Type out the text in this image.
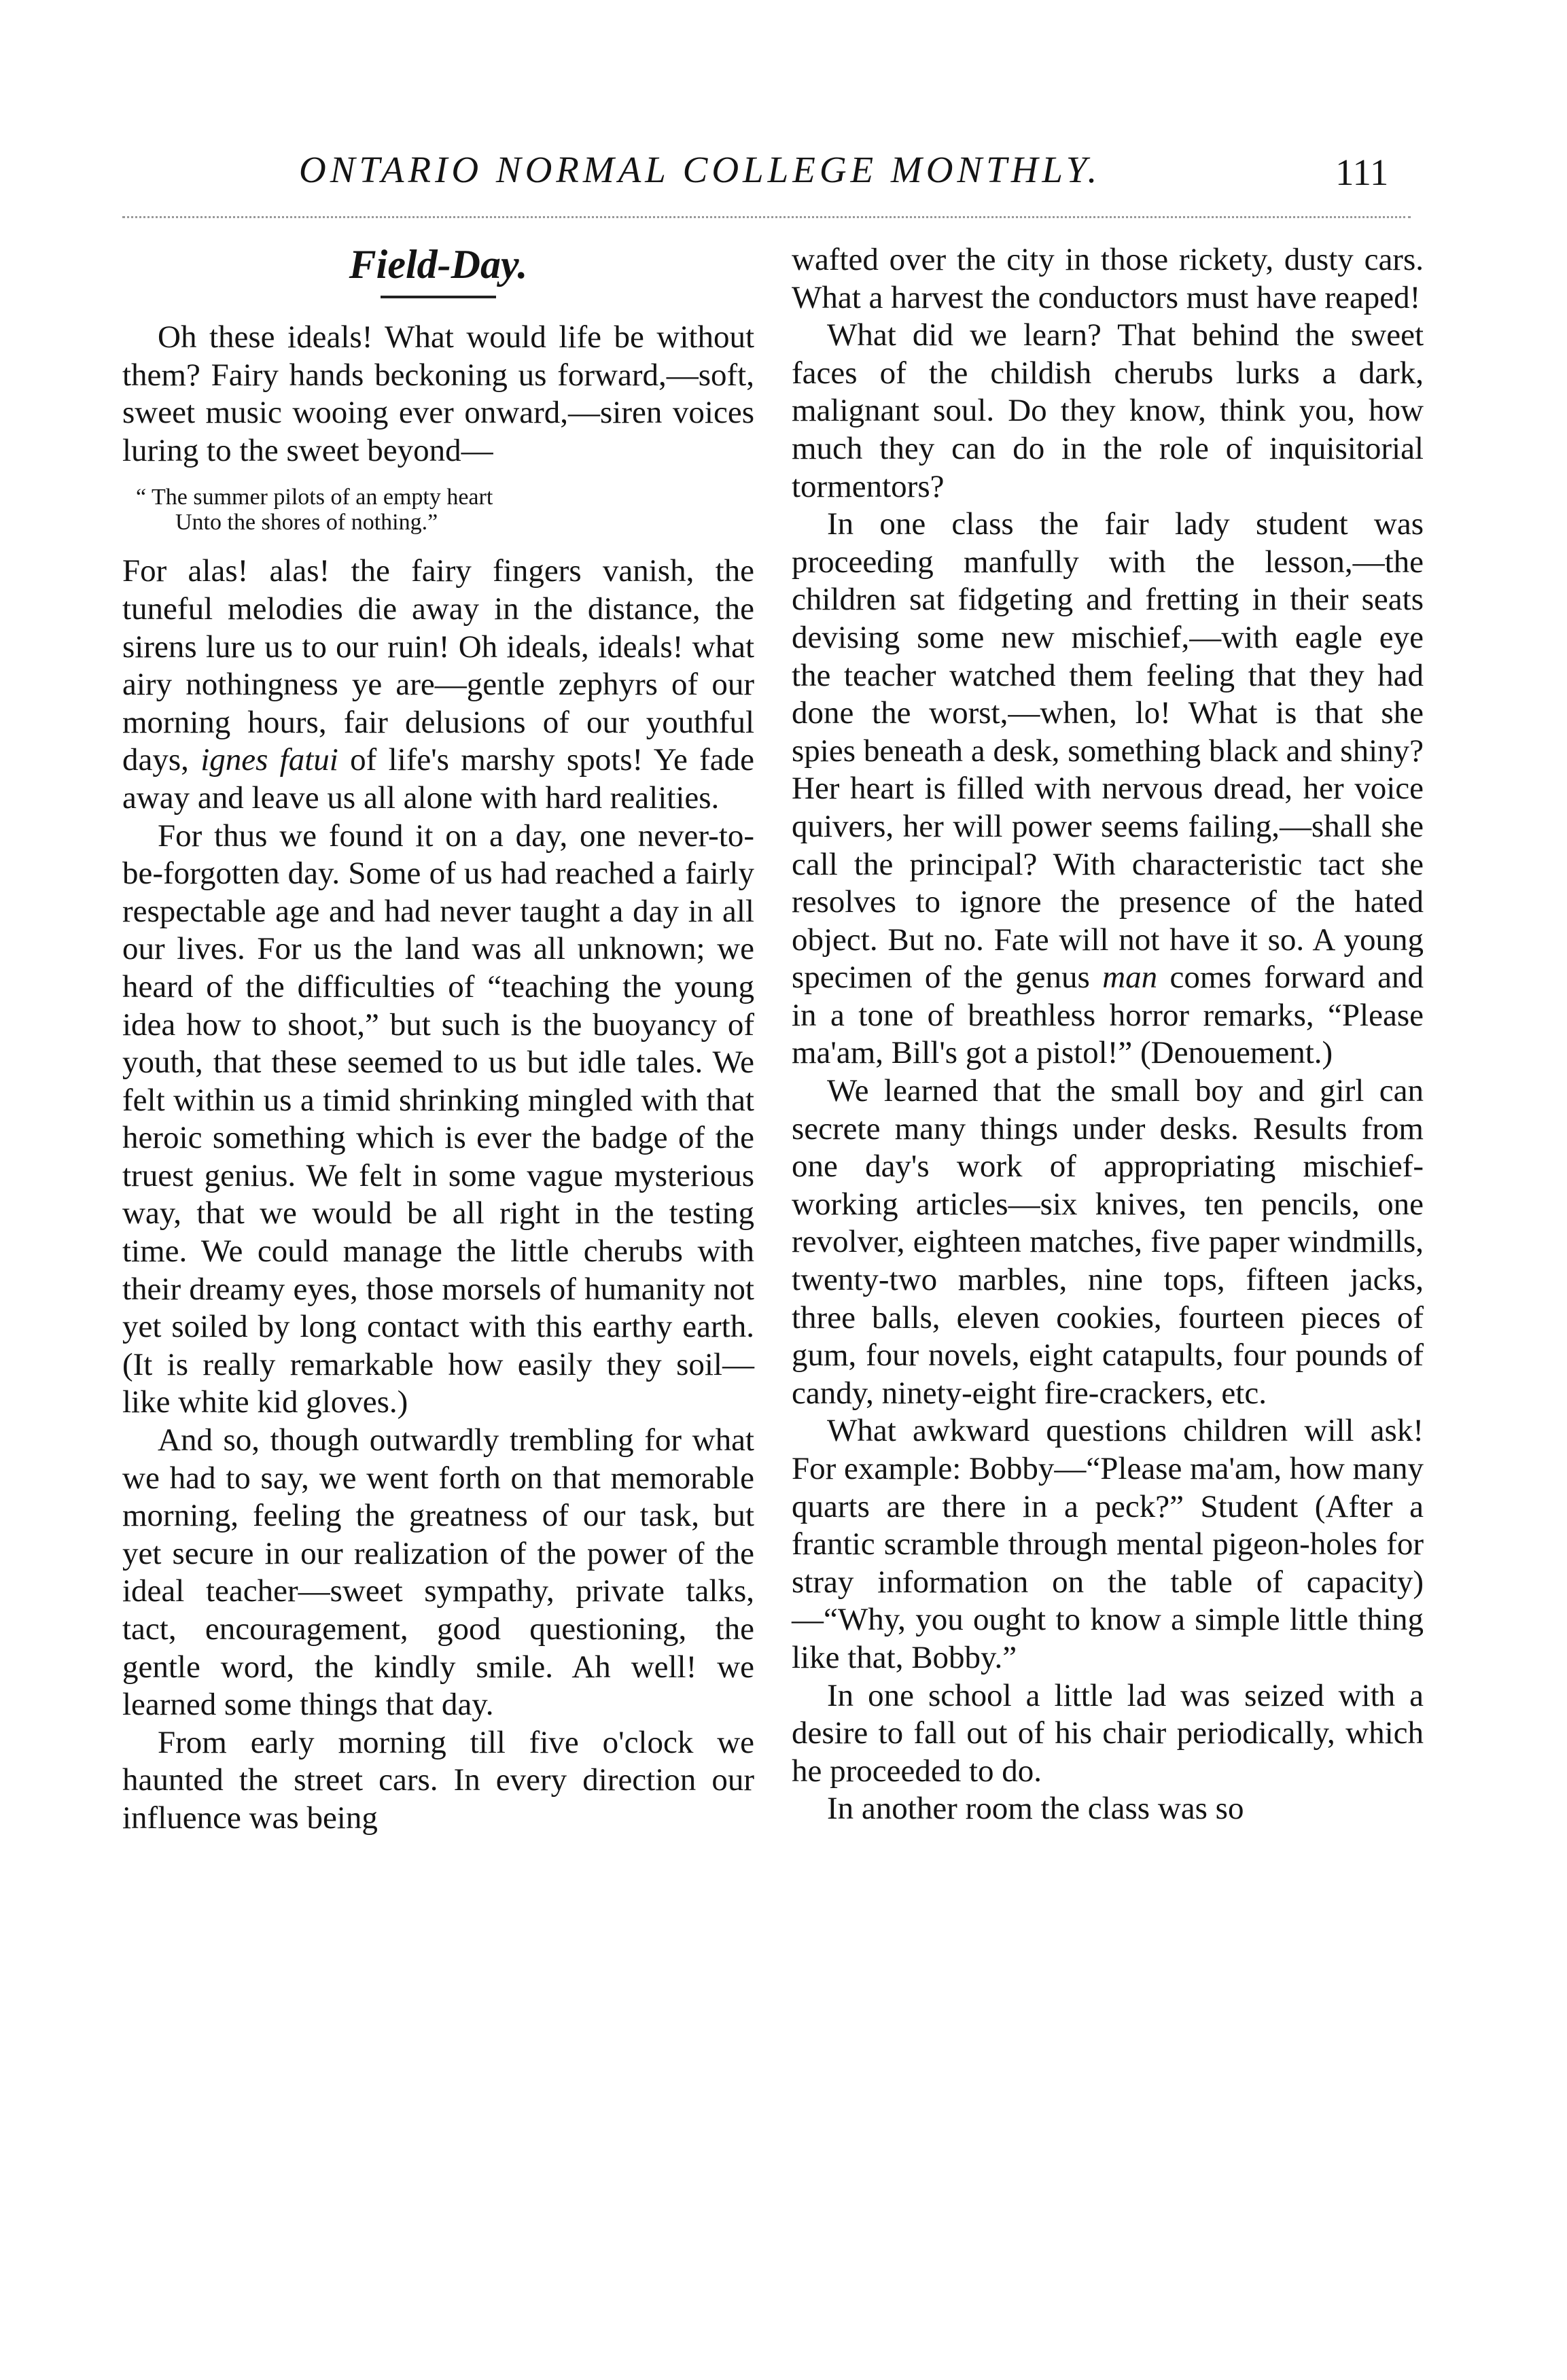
ONTARIO NORMAL COLLEGE MONTHLY.	111
Field-Day.

Oh these ideals! What would life be without them? Fairy hands beckoning us forward,—soft, sweet music wooing ever onward,—siren voices luring to the sweet beyond—

“ The summer pilots of an empty heart
Unto the shores of nothing.”

For alas! alas! the fairy fingers vanish, the tuneful melodies die away in the distance, the sirens lure us to our ruin! Oh ideals, ideals! what airy nothingness ye are—gentle zephyrs of our morning hours, fair delusions of our youthful days, ignes fatui of life's marshy spots! Ye fade away and leave us all alone with hard realities.

For thus we found it on a day, one never-to-be-forgotten day. Some of us had reached a fairly respectable age and had never taught a day in all our lives. For us the land was all unknown; we heard of the difficulties of “teaching the young idea how to shoot,” but such is the buoyancy of youth, that these seemed to us but idle tales. We felt within us a timid shrinking mingled with that heroic something which is ever the badge of the truest genius. We felt in some vague mysterious way, that we would be all right in the testing time. We could manage the little cherubs with their dreamy eyes, those morsels of humanity not yet soiled by long contact with this earthy earth. (It is really remarkable how easily they soil—like white kid gloves.)

And so, though outwardly trembling for what we had to say, we went forth on that memorable morning, feeling the greatness of our task, but yet secure in our realization of the power of the ideal teacher—sweet sympathy, private talks, tact, encouragement, good questioning, the gentle word, the kindly smile. Ah well! we learned some things that day.

From early morning till five o'clock we haunted the street cars. In every direction our influence was being

wafted over the city in those rickety, dusty cars. What a harvest the conductors must have reaped!

What did we learn? That behind the sweet faces of the childish cherubs lurks a dark, malignant soul. Do they know, think you, how much they can do in the role of inquisitorial tormentors?

In one class the fair lady student was proceeding manfully with the lesson,—the children sat fidgeting and fretting in their seats devising some new mischief,—with eagle eye the teacher watched them feeling that they had done the worst,—when, lo! What is that she spies beneath a desk, something black and shiny? Her heart is filled with nervous dread, her voice quivers, her will power seems failing,—shall she call the principal? With characteristic tact she resolves to ignore the presence of the hated object. But no. Fate will not have it so. A young specimen of the genus man comes forward and in a tone of breathless horror remarks, “Please ma'am, Bill's got a pistol!” (Denouement.)

We learned that the small boy and girl can secrete many things under desks. Results from one day's work of appropriating mischief-working articles—six knives, ten pencils, one revolver, eighteen matches, five paper windmills, twenty-two marbles, nine tops, fifteen jacks, three balls, eleven cookies, fourteen pieces of gum, four novels, eight catapults, four pounds of candy, ninety-eight fire-crackers, etc.

What awkward questions children will ask! For example: Bobby—“Please ma'am, how many quarts are there in a peck?” Student (After a frantic scramble through mental pigeon-holes for stray information on the table of capacity)—“Why, you ought to know a simple little thing like that, Bobby.”

In one school a little lad was seized with a desire to fall out of his chair periodically, which he proceeded to do.

In another room the class was so
